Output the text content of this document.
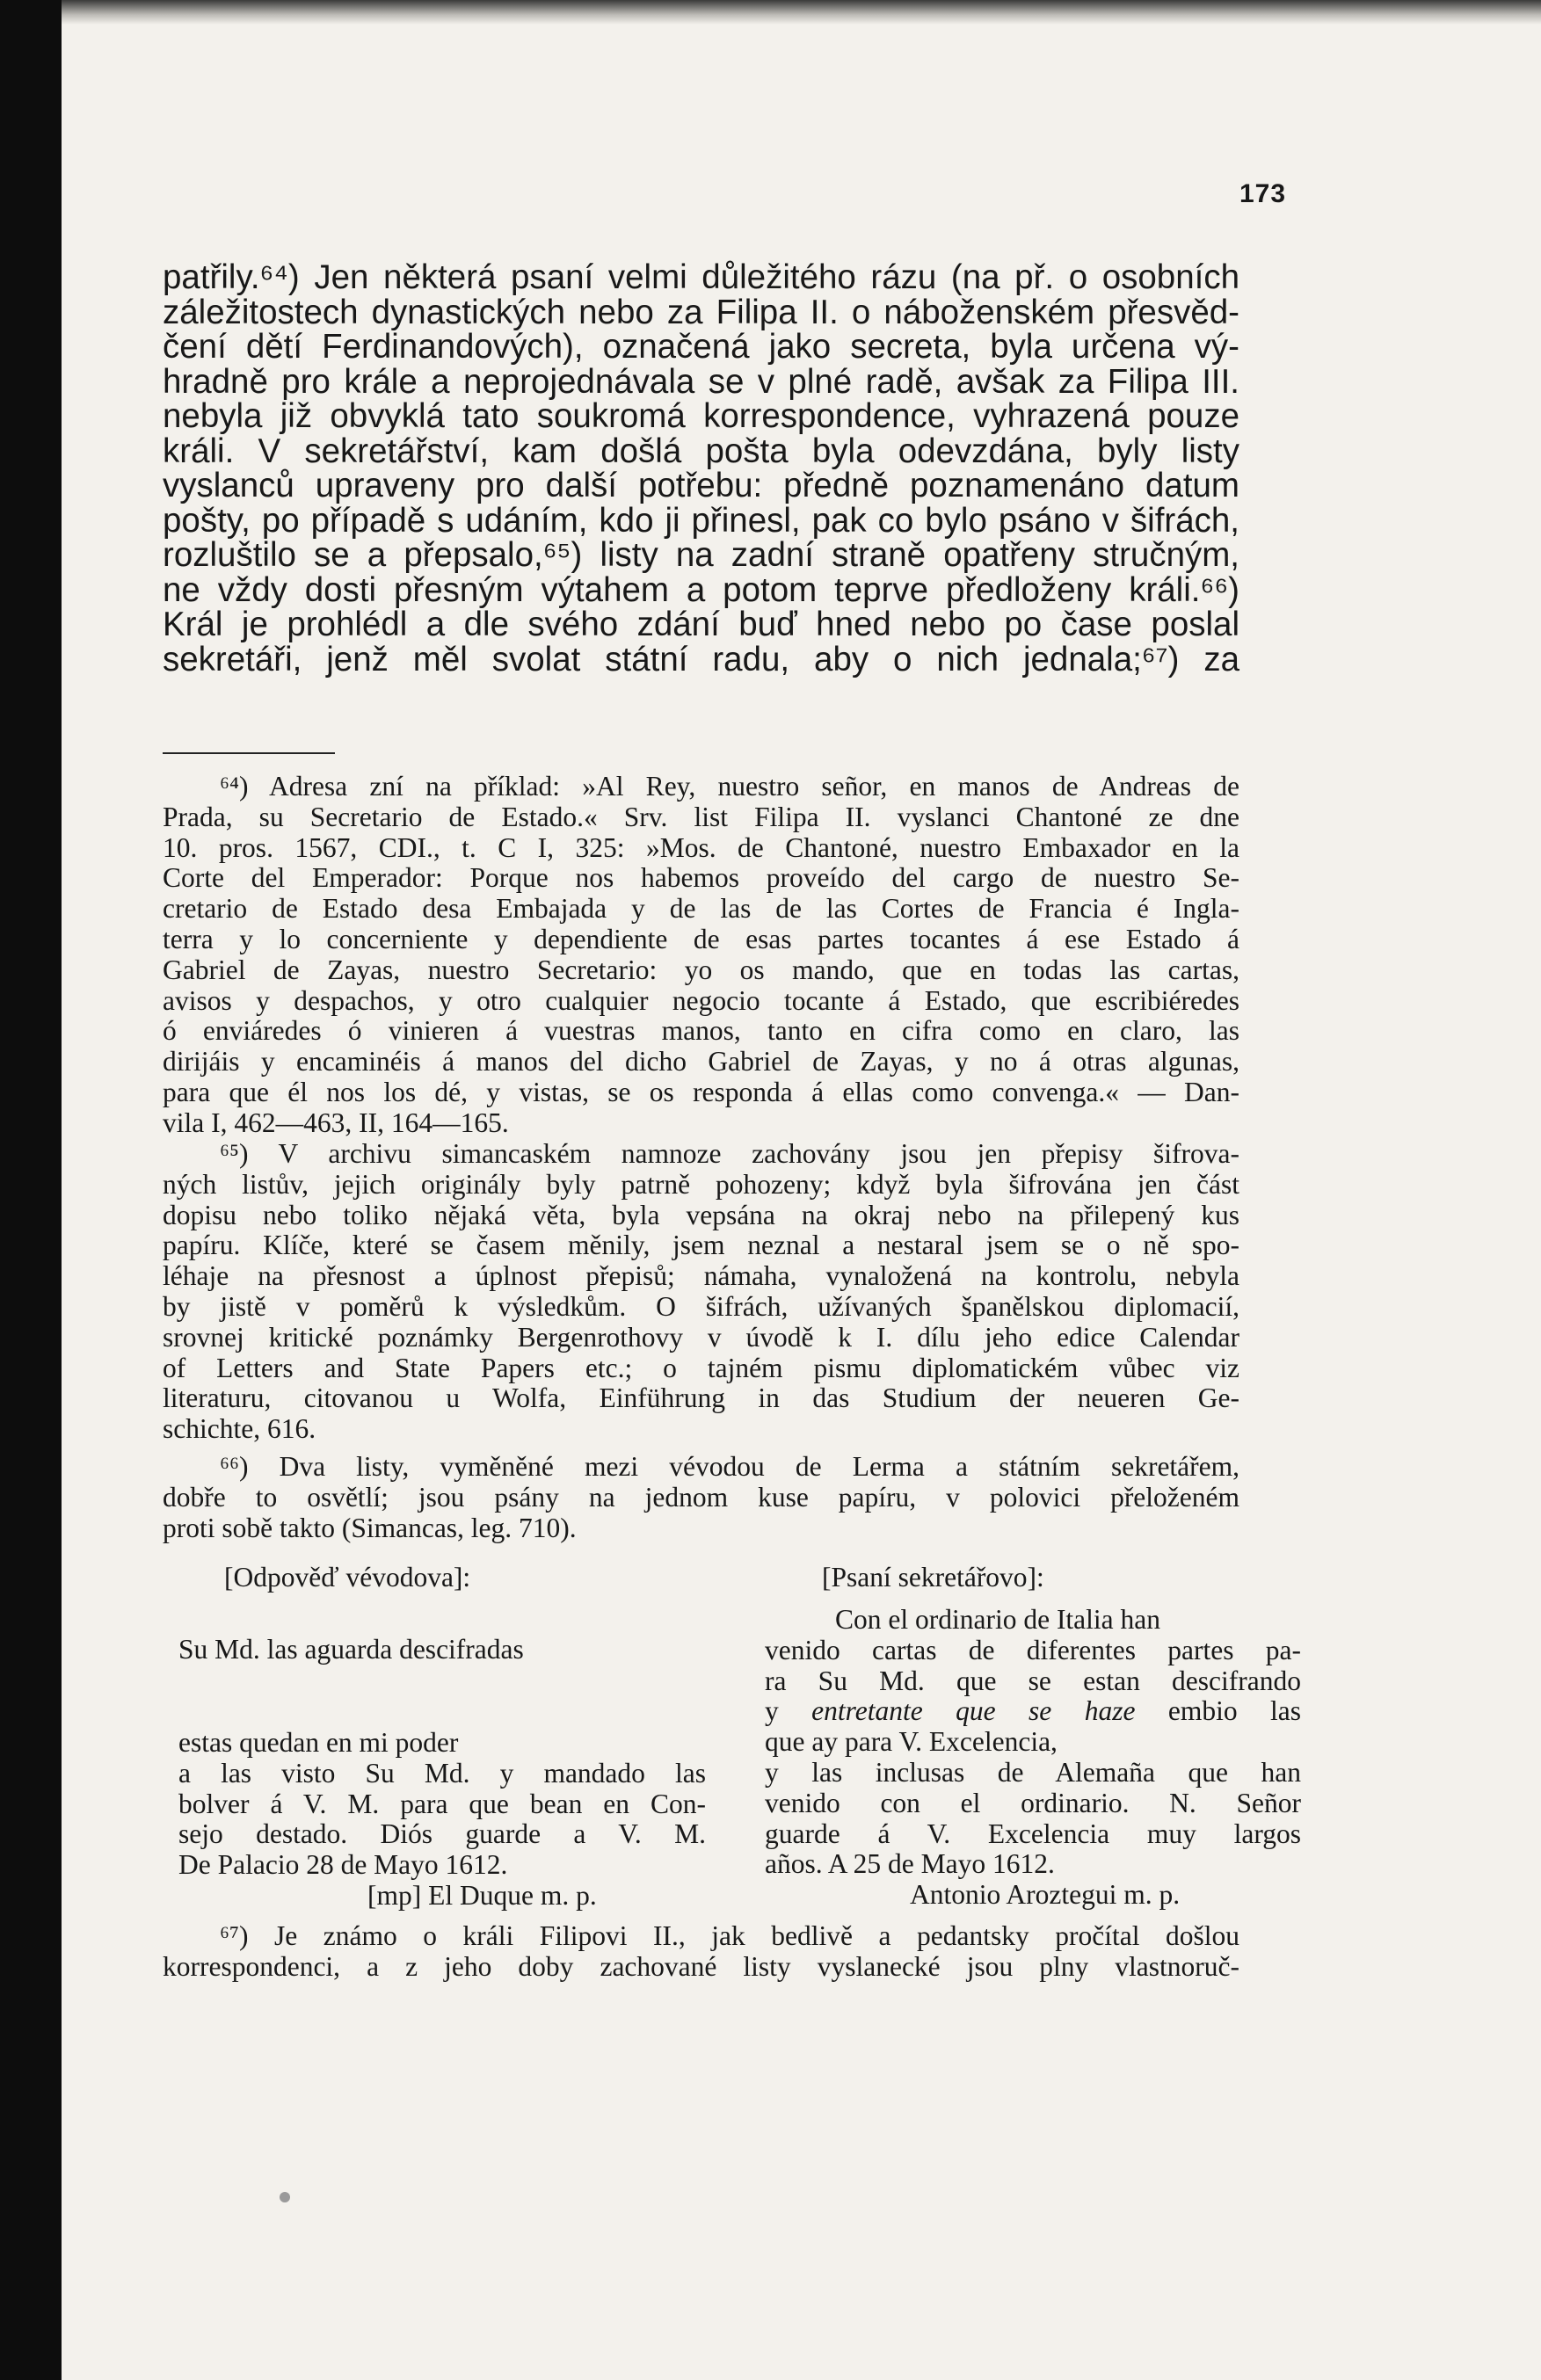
173

patřily.⁶⁴) Jen některá psaní velmi důležitého rázu (na př. o osobních

záležitostech dynastických nebo za Filipa II. o náboženském přesvěd-

čení dětí Ferdinandových), označená jako secreta, byla určena vý-

hradně pro krále a neprojednávala se v plné radě, avšak za Filipa III.

nebyla již obvyklá tato soukromá korrespondence, vyhrazená pouze

králi. V sekretářství, kam došlá pošta byla odevzdána, byly listy

vyslanců upraveny pro další potřebu: předně poznamenáno datum

pošty, po případě s udáním, kdo ji přinesl, pak co bylo psáno v šifrách,

rozluštilo se a přepsalo,⁶⁵) listy na zadní straně opatřeny stručným,

ne vždy dosti přesným výtahem a potom teprve předloženy králi.⁶⁶)

Král je prohlédl a dle svého zdání buď hned nebo po čase poslal

sekretáři, jenž měl svolat státní radu, aby o nich jednala;⁶⁷) za

⁶⁴) Adresa zní na příklad: »Al Rey, nuestro señor, en manos de Andreas de

Prada, su Secretario de Estado.« Srv. list Filipa II. vyslanci Chantoné ze dne

10. pros. 1567, CDI., t. C I, 325: »Mos. de Chantoné, nuestro Embaxador en la

Corte del Emperador: Porque nos habemos proveído del cargo de nuestro Se-

cretario de Estado desa Embajada y de las de las Cortes de Francia é Ingla-

terra y lo concerniente y dependiente de esas partes tocantes á ese Estado á

Gabriel de Zayas, nuestro Secretario: yo os mando, que en todas las cartas,

avisos y despachos, y otro cualquier negocio tocante á Estado, que escribiéredes

ó enviáredes ó vinieren á vuestras manos, tanto en cifra como en claro, las

dirijáis y encaminéis á manos del dicho Gabriel de Zayas, y no á otras algunas,

para que él nos los dé, y vistas, se os responda á ellas como convenga.« — Dan-

vila I, 462—463, II, 164—165.

⁶⁵) V archivu simancaském namnoze zachovány jsou jen přepisy šifrova-

ných listův, jejich originály byly patrně pohozeny; když byla šifrována jen část

dopisu nebo toliko nějaká věta, byla vepsána na okraj nebo na přilepený kus

papíru. Klíče, které se časem měnily, jsem neznal a nestaral jsem se o ně spo-

léhaje na přesnost a úplnost přepisů; námaha, vynaložená na kontrolu, nebyla

by jistě v poměrů k výsledkům. O šifrách, užívaných španělskou diplomacií,

srovnej kritické poznámky Bergenrothovy v úvodě k I. dílu jeho edice Calendar

of Letters and State Papers etc.; o tajném pismu diplomatickém vůbec viz

literaturu, citovanou u Wolfa, Einführung in das Studium der neueren Ge-

schichte, 616.

⁶⁶) Dva listy, vyměněné mezi vévodou de Lerma a státním sekretářem,

dobře to osvětlí; jsou psány na jednom kuse papíru, v polovici přeloženém

proti sobě takto (Simancas, leg. 710).

[Odpověď vévodova]:	[Psaní sekretářovo]:

Su Md. las aguarda descifradas

estas quedan en mi poder

a las visto Su Md. y mandado las

bolver á V. M. para que bean en Con-

sejo destado. Diós guarde a V. M.

De Palacio 28 de Mayo 1612.

[mp] El Duque m. p.

Con el ordinario de Italia han

venido cartas de diferentes partes pa-

ra Su Md. que se estan descifrando

y entretante que se haze embio las

que ay para V. Excelencia,

y las inclusas de Alemaña que han

venido con el ordinario. N. Señor

guarde á V. Excelencia muy largos

años. A 25 de Mayo 1612.

Antonio Aroztegui m. p.

⁶⁷) Je známo o králi Filipovi II., jak bedlivě a pedantsky pročítal došlou

korrespondenci, a z jeho doby zachované listy vyslanecké jsou plny vlastnoruč-
